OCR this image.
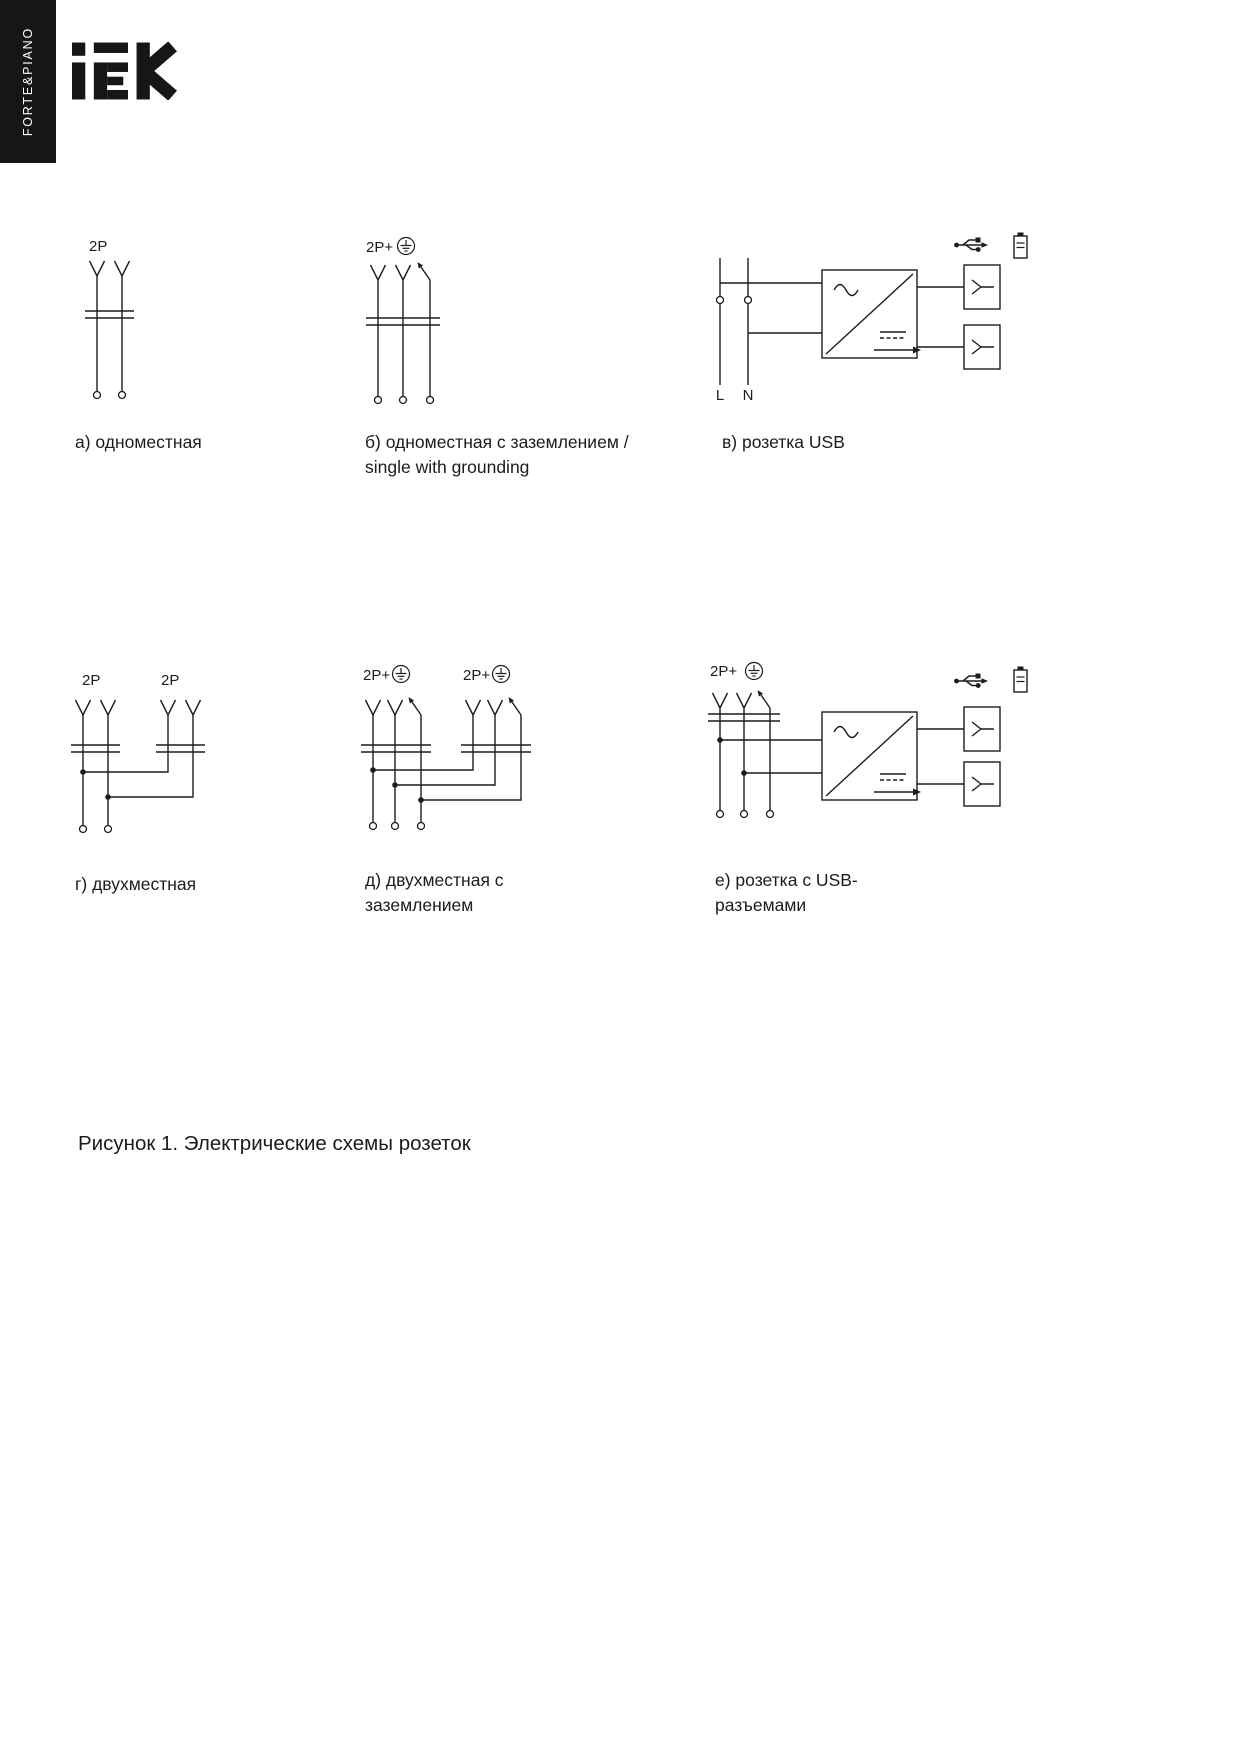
FORTE&PIANO
2P	2P+
L N
а) одноместная	б) одноместная с заземлением /
single with grounding
в) розетка USB
2P	2P	2P+	2P+	2P+
г) двухместная	д) двухместная с
заземлением
е) розетка с USB-
разъемами
Рисунок 1. Электрические схемы розеток
